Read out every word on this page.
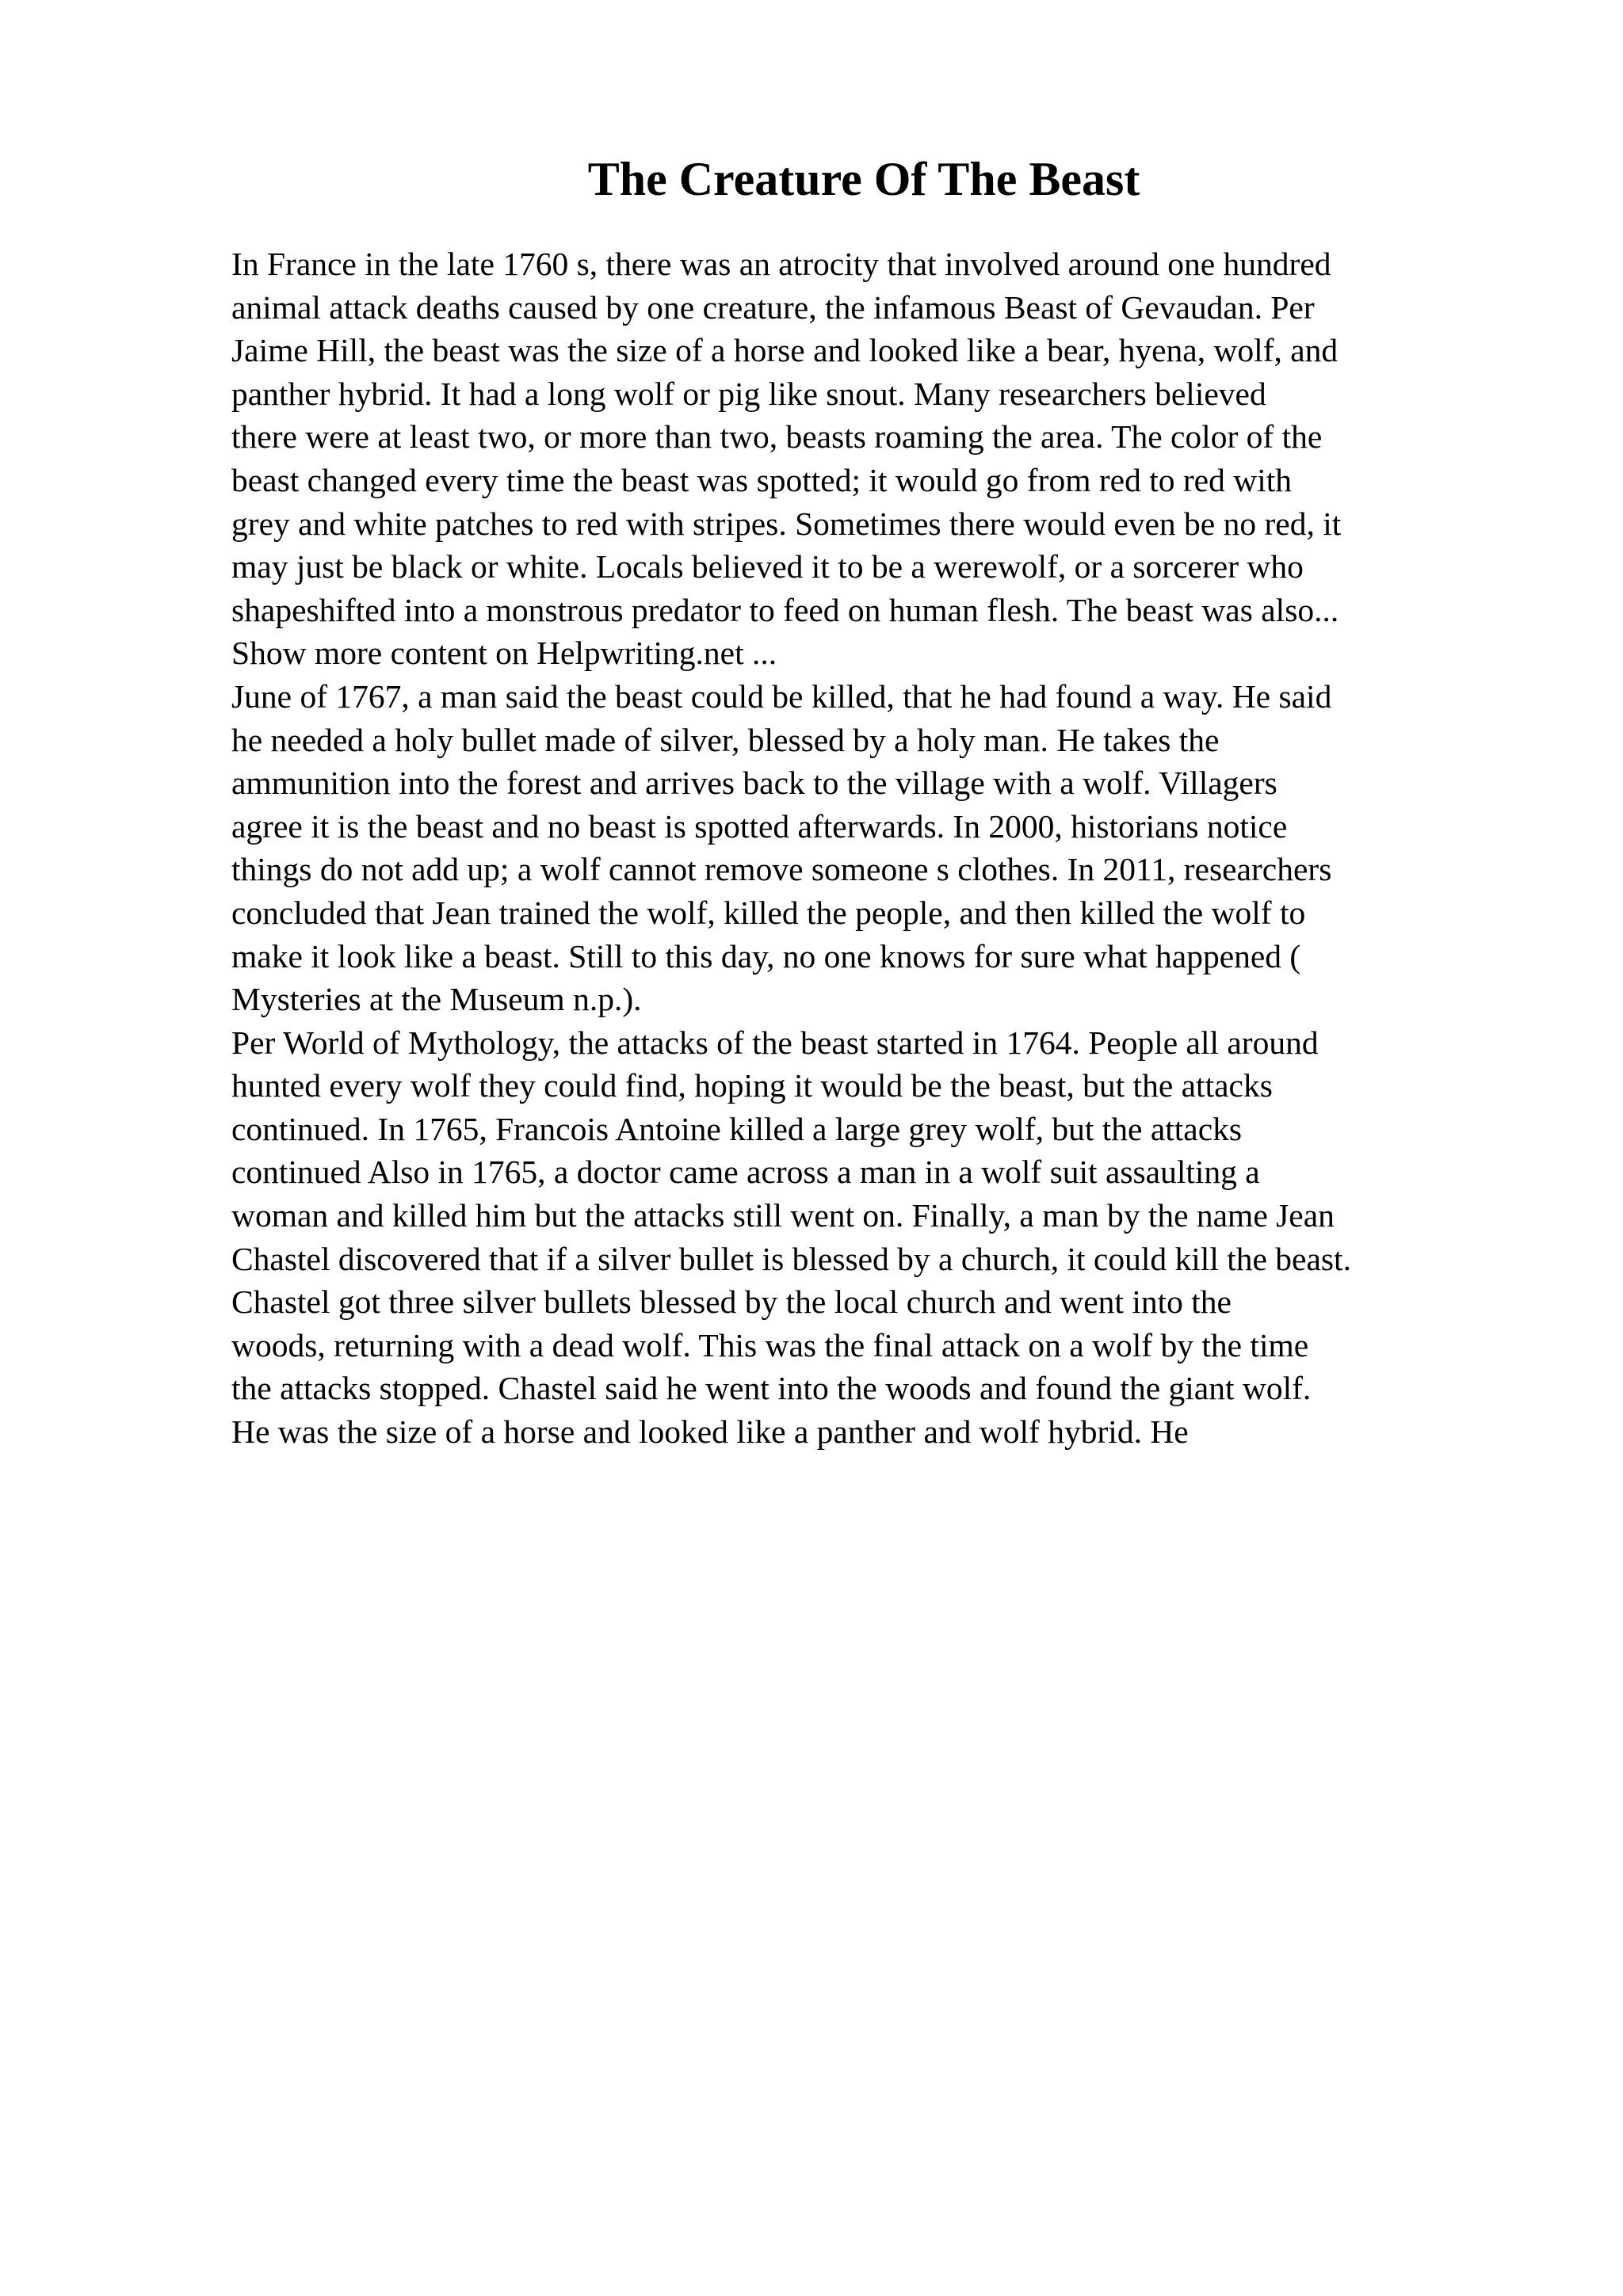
The Creature Of The Beast
In France in the late 1760 s, there was an atrocity that involved around one hundred
animal attack deaths caused by one creature, the infamous Beast of Gevaudan. Per
Jaime Hill, the beast was the size of a horse and looked like a bear, hyena, wolf, and
panther hybrid. It had a long wolf or pig like snout. Many researchers believed
there were at least two, or more than two, beasts roaming the area. The color of the
beast changed every time the beast was spotted; it would go from red to red with
grey and white patches to red with stripes. Sometimes there would even be no red, it
may just be black or white. Locals believed it to be a werewolf, or a sorcerer who
shapeshifted into a monstrous predator to feed on human flesh. The beast was also...
Show more content on Helpwriting.net ...
June of 1767, a man said the beast could be killed, that he had found a way. He said
he needed a holy bullet made of silver, blessed by a holy man. He takes the
ammunition into the forest and arrives back to the village with a wolf. Villagers
agree it is the beast and no beast is spotted afterwards. In 2000, historians notice
things do not add up; a wolf cannot remove someone s clothes. In 2011, researchers
concluded that Jean trained the wolf, killed the people, and then killed the wolf to
make it look like a beast. Still to this day, no one knows for sure what happened (
Mysteries at the Museum n.p.).
Per World of Mythology, the attacks of the beast started in 1764. People all around
hunted every wolf they could find, hoping it would be the beast, but the attacks
continued. In 1765, Francois Antoine killed a large grey wolf, but the attacks
continued Also in 1765, a doctor came across a man in a wolf suit assaulting a
woman and killed him but the attacks still went on. Finally, a man by the name Jean
Chastel discovered that if a silver bullet is blessed by a church, it could kill the beast.
Chastel got three silver bullets blessed by the local church and went into the
woods, returning with a dead wolf. This was the final attack on a wolf by the time
the attacks stopped. Chastel said he went into the woods and found the giant wolf.
He was the size of a horse and looked like a panther and wolf hybrid. He
